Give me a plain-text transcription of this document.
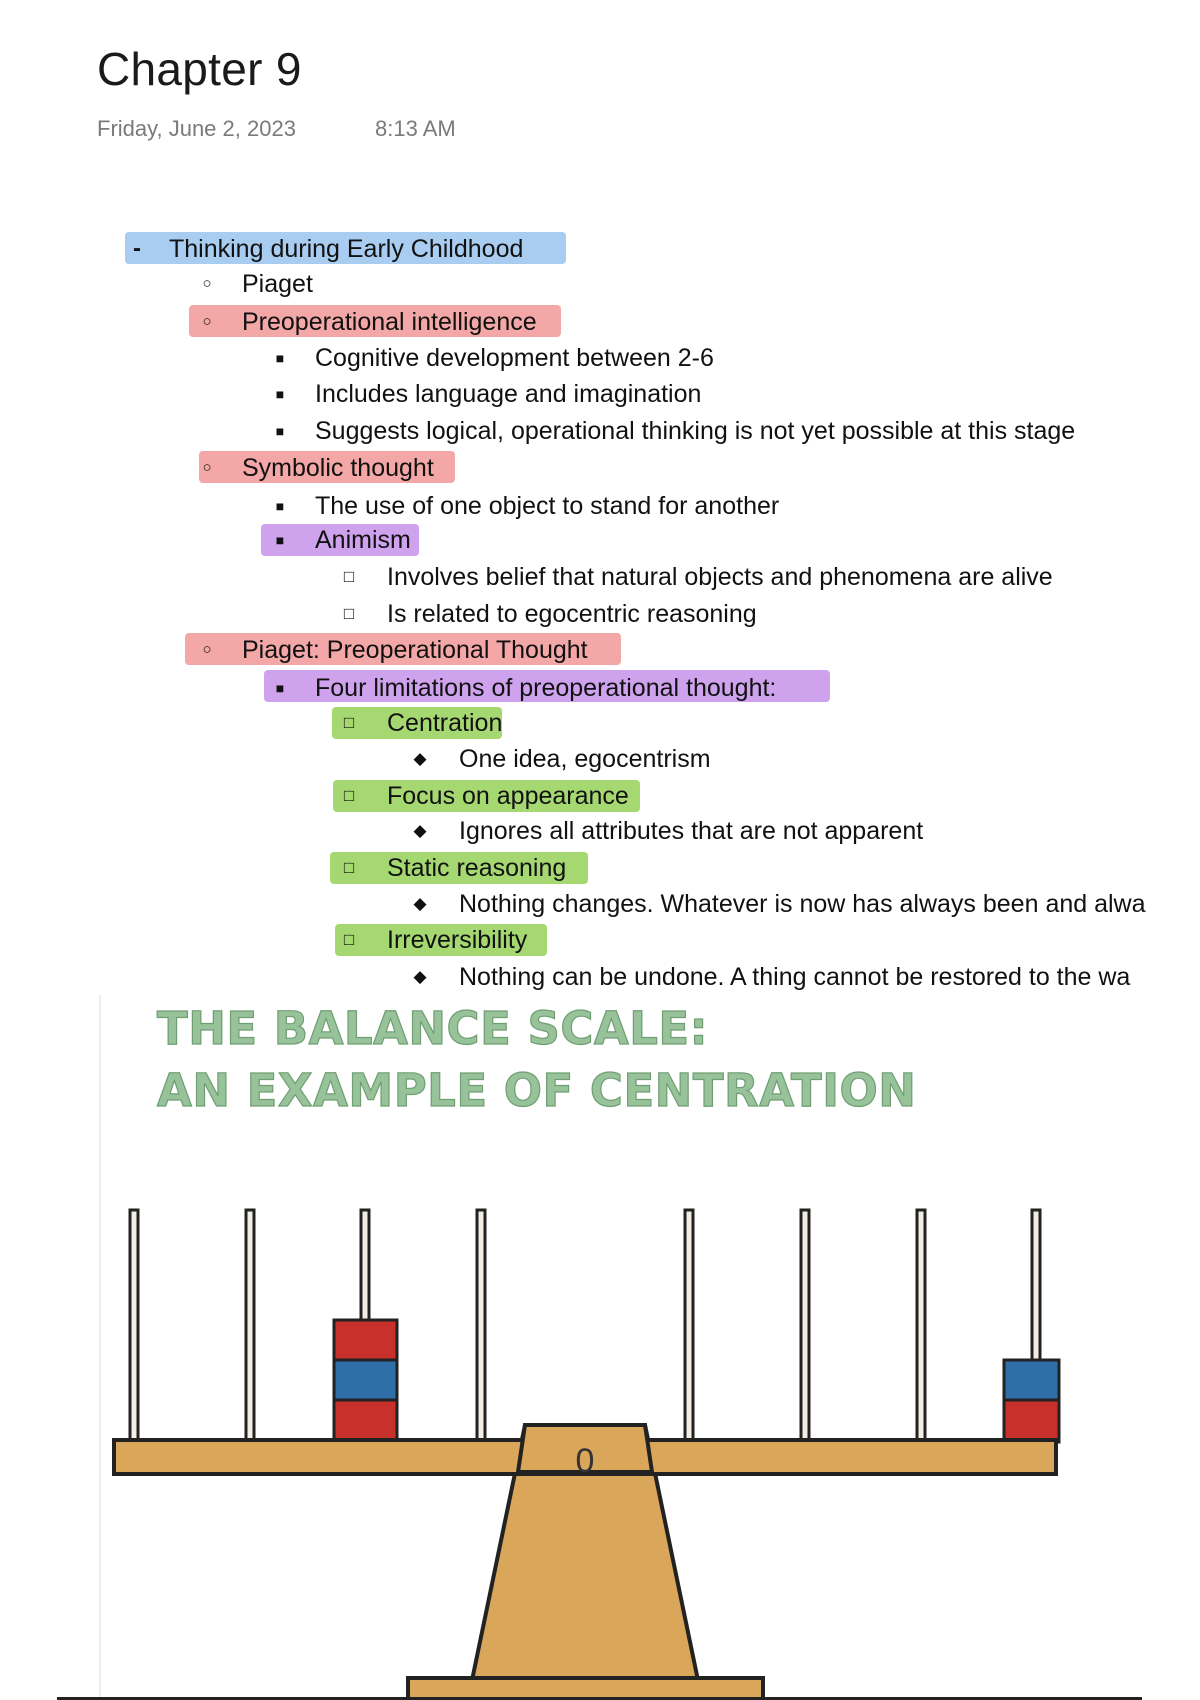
Chapter 9
Friday, June 2, 2023	8:13 AM
-	Thinking during Early Childhood
○ Piaget
○ Preoperational intelligence
■	Cognitive development between 2-6
■	Includes language and imagination
■	Suggests logical, operational thinking is not yet possible at this stage
○ Symbolic thought
■	The use of one object to stand for another
■	Animism
□ Involves belief that natural objects and phenomena are alive
□ Is related to egocentric reasoning
○ Piaget: Preoperational Thought
■	Four limitations of preoperational thought:
□ Centration
◆ One idea, egocentrism
□ Focus on appearance
◆ Ignores all attributes that are not apparent
□ Static reasoning
◆ Nothing changes. Whatever is now has always been and alwa
□ Irreversibility
◆ Nothing can be undone. A thing cannot be restored to the wa
THE BALANCE SCALE:
AN EXAMPLE OF CENTRATION
0
